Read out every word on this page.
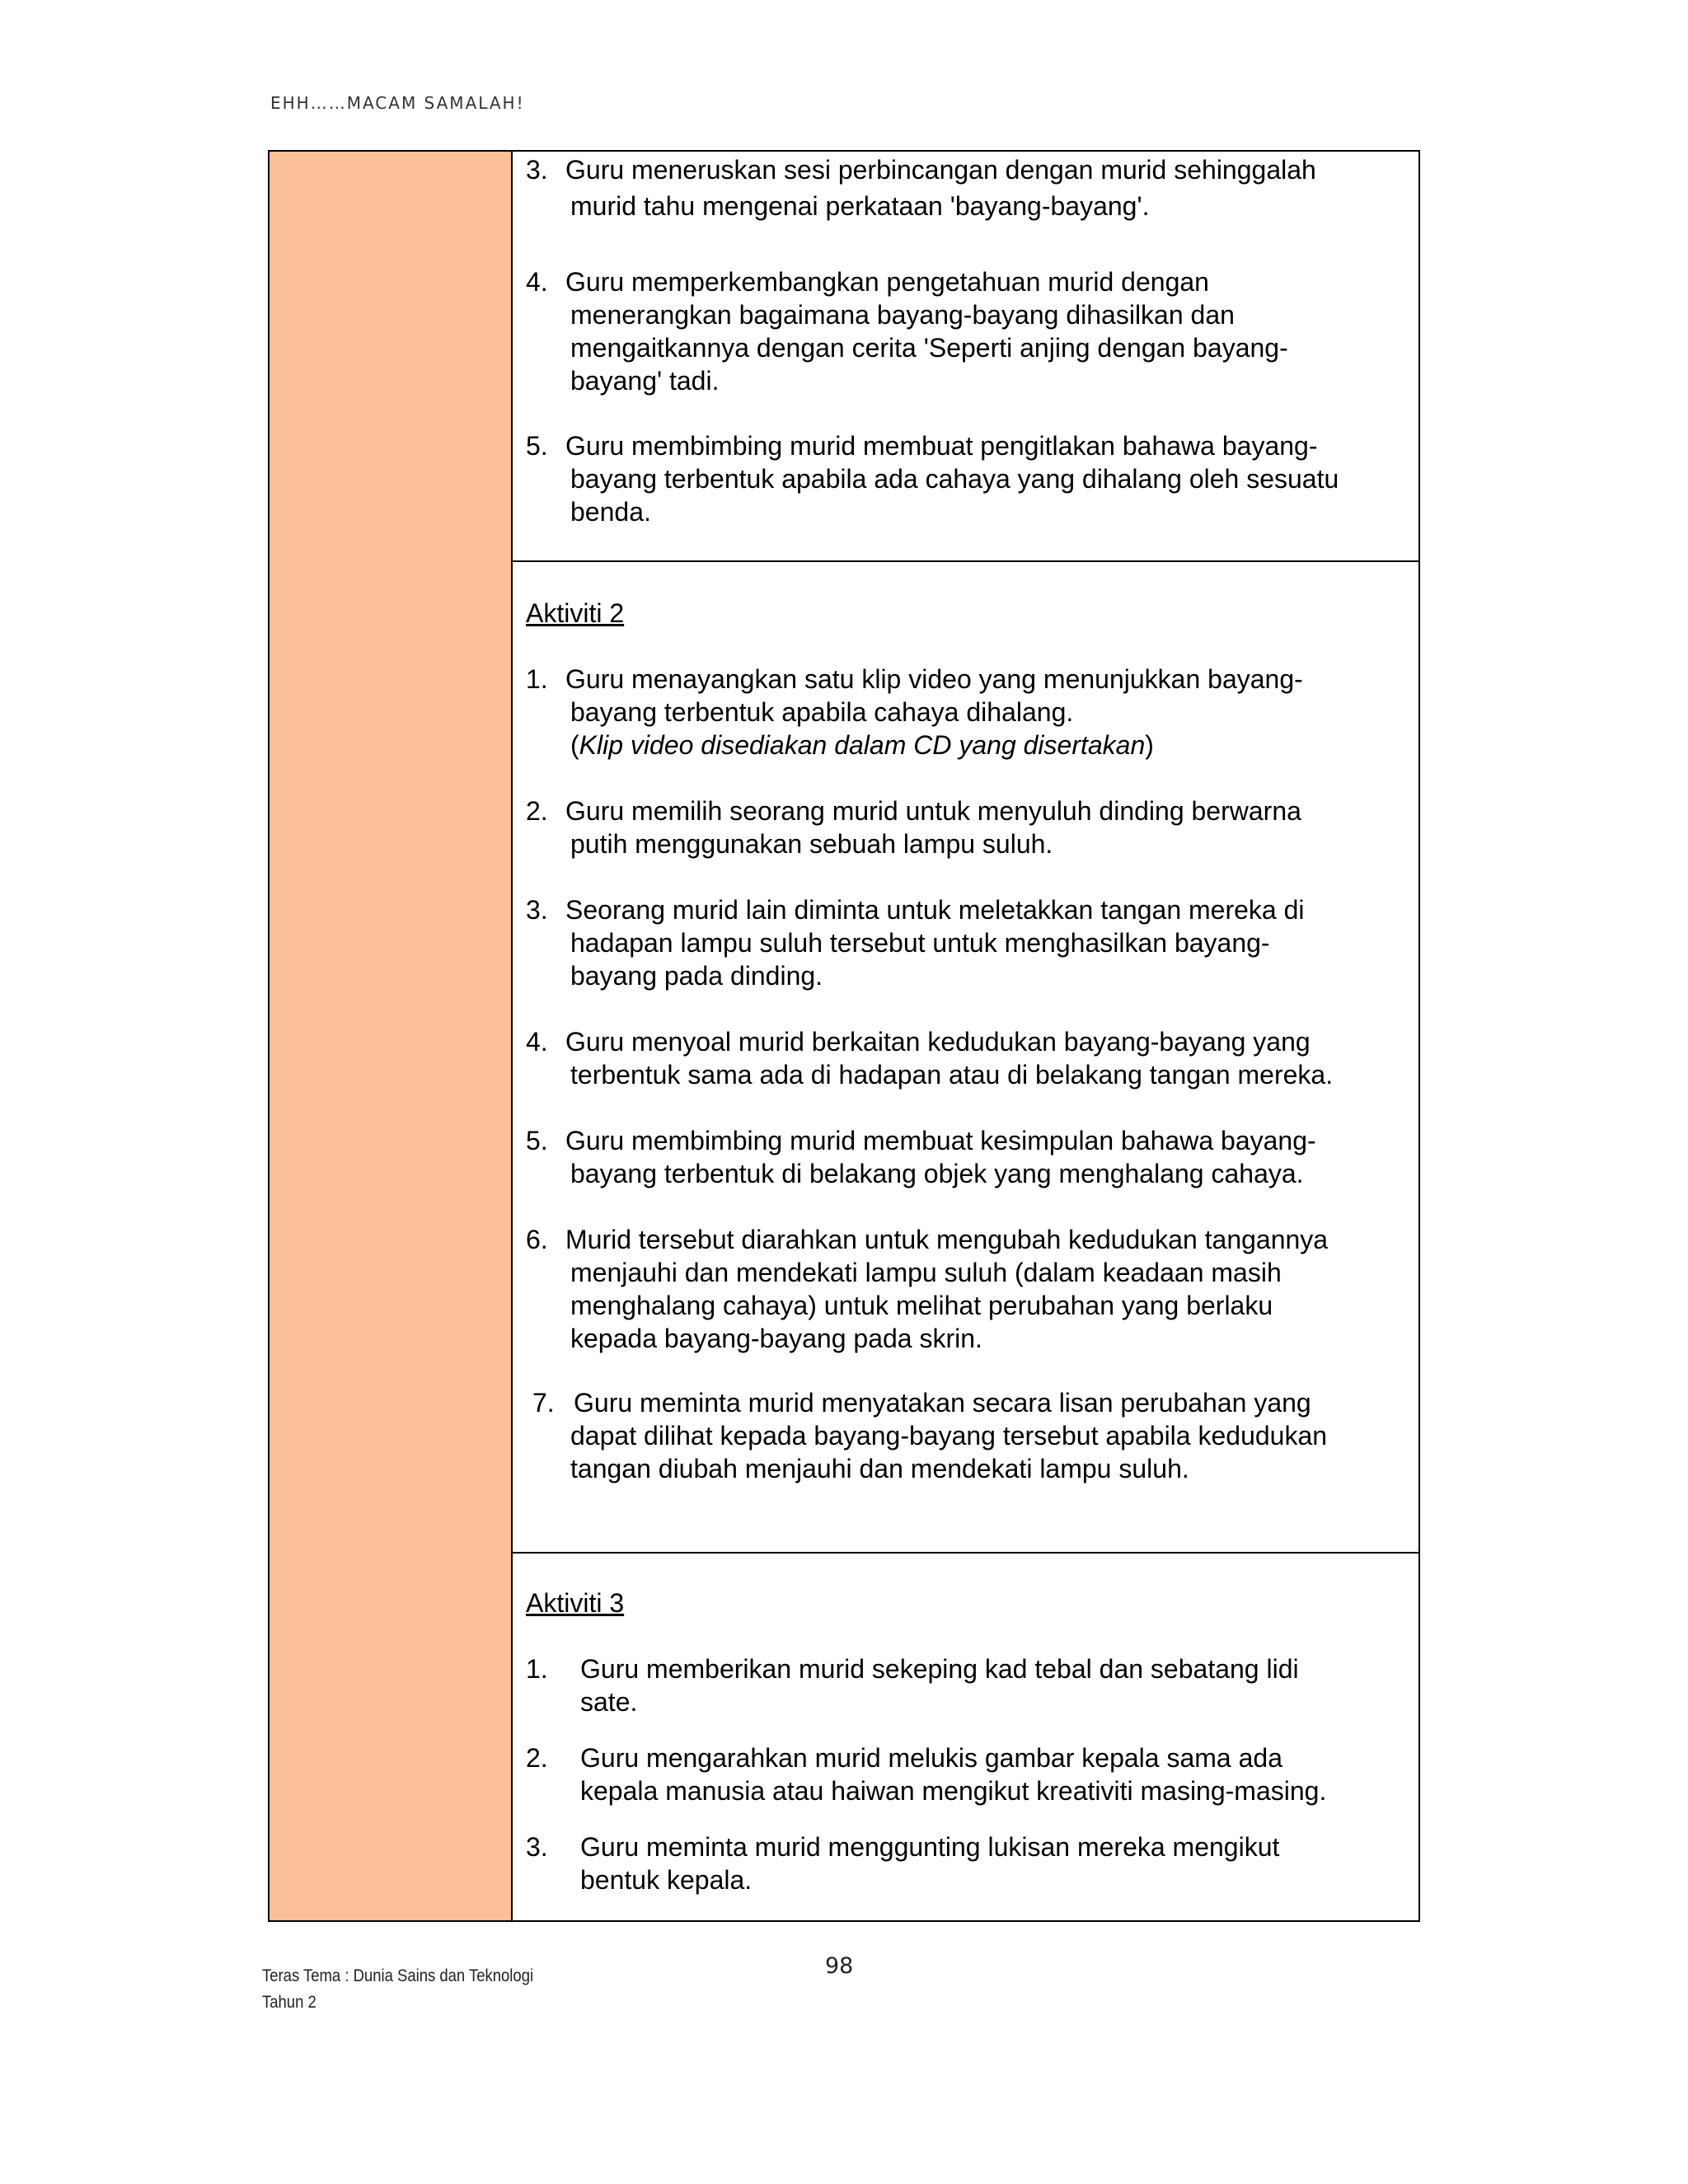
EHH……MACAM SAMALAH!
3. Guru meneruskan sesi perbincangan dengan murid sehinggalah
murid tahu mengenai perkataan 'bayang-bayang'.
4. Guru memperkembangkan pengetahuan murid dengan
menerangkan bagaimana bayang-bayang dihasilkan dan
mengaitkannya dengan cerita 'Seperti anjing dengan bayang-
bayang' tadi.
5. Guru membimbing murid membuat pengitlakan bahawa bayang-
bayang terbentuk apabila ada cahaya yang dihalang oleh sesuatu
benda.
Aktiviti 2
1. Guru menayangkan satu klip video yang menunjukkan bayang-
bayang terbentuk apabila cahaya dihalang.
(Klip video disediakan dalam CD yang disertakan)
2. Guru memilih seorang murid untuk menyuluh dinding berwarna
putih menggunakan sebuah lampu suluh.
3. Seorang murid lain diminta untuk meletakkan tangan mereka di
hadapan lampu suluh tersebut untuk menghasilkan bayang-
bayang pada dinding.
4. Guru menyoal murid berkaitan kedudukan bayang-bayang yang
terbentuk sama ada di hadapan atau di belakang tangan mereka.
5. Guru membimbing murid membuat kesimpulan bahawa bayang-
bayang terbentuk di belakang objek yang menghalang cahaya.
6. Murid tersebut diarahkan untuk mengubah kedudukan tangannya
menjauhi dan mendekati lampu suluh (dalam keadaan masih
menghalang cahaya) untuk melihat perubahan yang berlaku
kepada bayang-bayang pada skrin.
7. Guru meminta murid menyatakan secara lisan perubahan yang
dapat dilihat kepada bayang-bayang tersebut apabila kedudukan
tangan diubah menjauhi dan mendekati lampu suluh.
Aktiviti 3
1. Guru memberikan murid sekeping kad tebal dan sebatang lidi
sate.
2. Guru mengarahkan murid melukis gambar kepala sama ada
kepala manusia atau haiwan mengikut kreativiti masing-masing.
3. Guru meminta murid menggunting lukisan mereka mengikut
bentuk kepala.
Teras Tema : Dunia Sains dan Teknologi
Tahun 2
98
